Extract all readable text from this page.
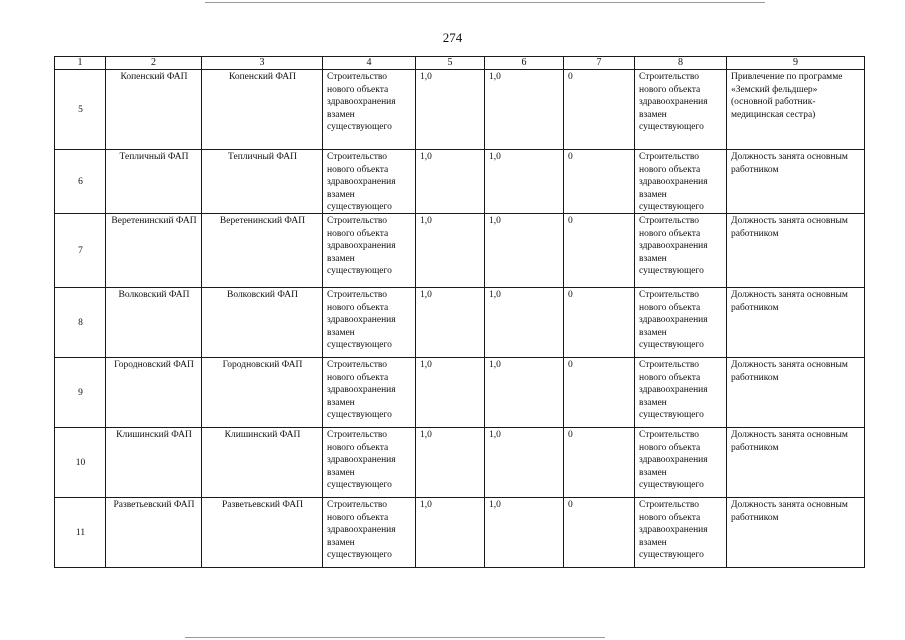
274
1	2	3	4	5	6	7	8	9
5	Копенский ФАП	Копенский ФАП	Строительство нового объекта здравоохранения взамен существующего	1,0	1,0	0	Строительство нового объекта здравоохранения взамен существующего	Привлечение по программе «Земский фельдшер» (основной работник- медицинская сестра)
6	Тепличный ФАП	Тепличный ФАП	Строительство нового объекта здравоохранения взамен существующего	1,0	1,0	0	Строительство нового объекта здравоохранения взамен существующего	Должность занята основным работником
7	Веретенинский ФАП	Веретенинский ФАП	Строительство нового объекта здравоохранения взамен существующего	1,0	1,0	0	Строительство нового объекта здравоохранения взамен существующего	Должность занята основным работником
8	Волковский ФАП	Волковский ФАП	Строительство нового объекта здравоохранения взамен существующего	1,0	1,0	0	Строительство нового объекта здравоохранения взамен существующего	Должность занята основным работником
9	Городновский ФАП	Городновский ФАП	Строительство нового объекта здравоохранения взамен существующего	1,0	1,0	0	Строительство нового объекта здравоохранения взамен существующего	Должность занята основным работником
10	Клишинский ФАП	Клишинский ФАП	Строительство нового объекта здравоохранения взамен существующего	1,0	1,0	0	Строительство нового объекта здравоохранения взамен существующего	Должность занята основным работником
11	Разветьевский ФАП	Разветьевский ФАП	Строительство нового объекта здравоохранения взамен существующего	1,0	1,0	0	Строительство нового объекта здравоохранения взамен существующего	Должность занята основным работником
